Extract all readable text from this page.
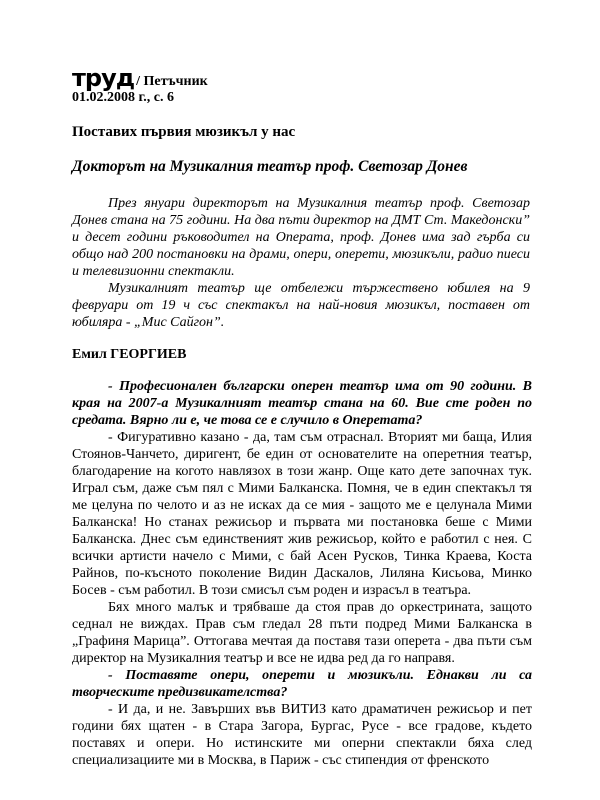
труд / Петъчник
01.02.2008 г., с. 6
Поставих първия мюзикъл у нас
Докторът на Музикалния театър проф. Светозар Донев

През януари директорът на Музикалния театър проф. Светозар Донев стана на 75 години. На два пъти директор на ДМТ Ст. Македонски” и десет години ръководител на Операта, проф. Донев има зад гърба си общо над 200 постановки на драми, опери, оперети, мюзикъли, радио пиеси и телевизионни спектакли.

Музикалният театър ще отбележи тържествено юбилея на 9 февруари от 19 ч със спектакъл на най-новия мюзикъл, поставен от юбиляра - „Мис Сайгон”.

Емил ГЕОРГИЕВ

- Професионален български оперен театър има от 90 години. В края на 2007-а Музикалният театър стана на 60. Вие сте роден по средата. Вярно ли е, че това се е случило в Оперетата?

- Фигуративно казано - да, там съм отраснал. Вторият ми баща, Илия Стоянов-Чанчето, диригент, бе един от основателите на оперетния театър, благодарение на когото навлязох в този жанр. Още като дете започнах тук. Играл съм, даже съм пял с Мими Балканска. Помня, че в един спектакъл тя ме целуна по челото и аз не исках да се мия - защото ме е целунала Мими Балканска! Но станах режисьор и първата ми постановка беше с Мими Балканска. Днес съм единственият жив режисьор, който е работил с нея. С всички артисти начело с Мими, с бай Асен Русков, Тинка Краева, Коста Райнов, по-късното поколение Видин Даскалов, Лиляна Кисьова, Минко Босев - съм работил. В този смисъл съм роден и израсъл в театъра.

Бях много малък и трябваше да стоя прав до оркестрината, защото седнал не виждах. Прав съм гледал 28 пъти подред Мими Балканска в „Графиня Марица”. Оттогава мечтая да поставя тази оперета - два пъти съм директор на Музикалния театър и все не идва ред да го направя.

- Поставяте опери, оперети и мюзикъли. Еднакви ли са творческите предизвикателства?

- И да, и не. Завърших във ВИТИЗ като драматичен режисьор и пет години бях щатен - в Стара Загора, Бургас, Русе - все градове, където поставях и опери. Но истинските ми оперни спектакли бяха след специализациите ми в Москва, в Париж - със стипендия от френското
